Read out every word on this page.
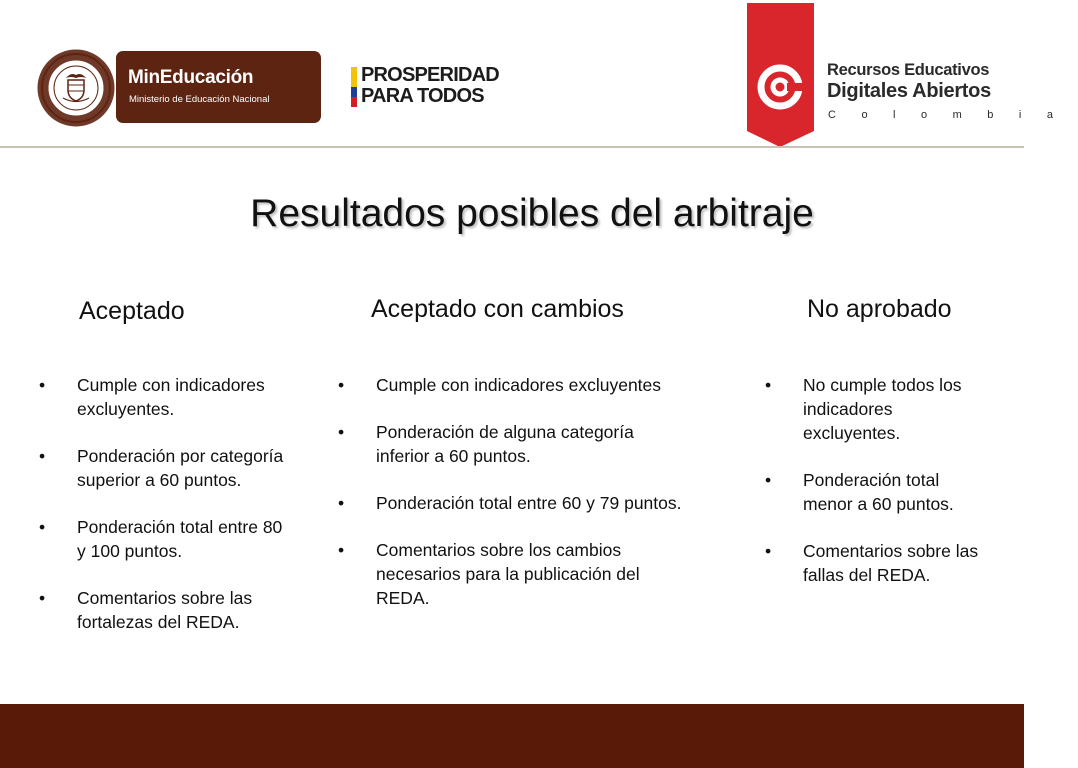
MinEducación
Ministerio de Educación Nacional
PROSPERIDAD
PARA TODOS
Recursos Educativos
Digitales Abiertos
Colombia
Resultados posibles del arbitraje
Aceptado	Aceptado con cambios	No aprobado
• Cumple con indicadores excluyentes.
• Ponderación por categoría superior a 60 puntos.
• Ponderación total entre 80 y 100 puntos.
• Comentarios sobre las fortalezas del REDA.
• Cumple con indicadores excluyentes
• Ponderación de alguna categoría inferior a 60 puntos.
• Ponderación total entre 60 y 79 puntos.
• Comentarios sobre los cambios necesarios para la publicación del REDA.
• No cumple todos los indicadores excluyentes.
• Ponderación total menor a 60 puntos.
• Comentarios sobre las fallas del REDA.
